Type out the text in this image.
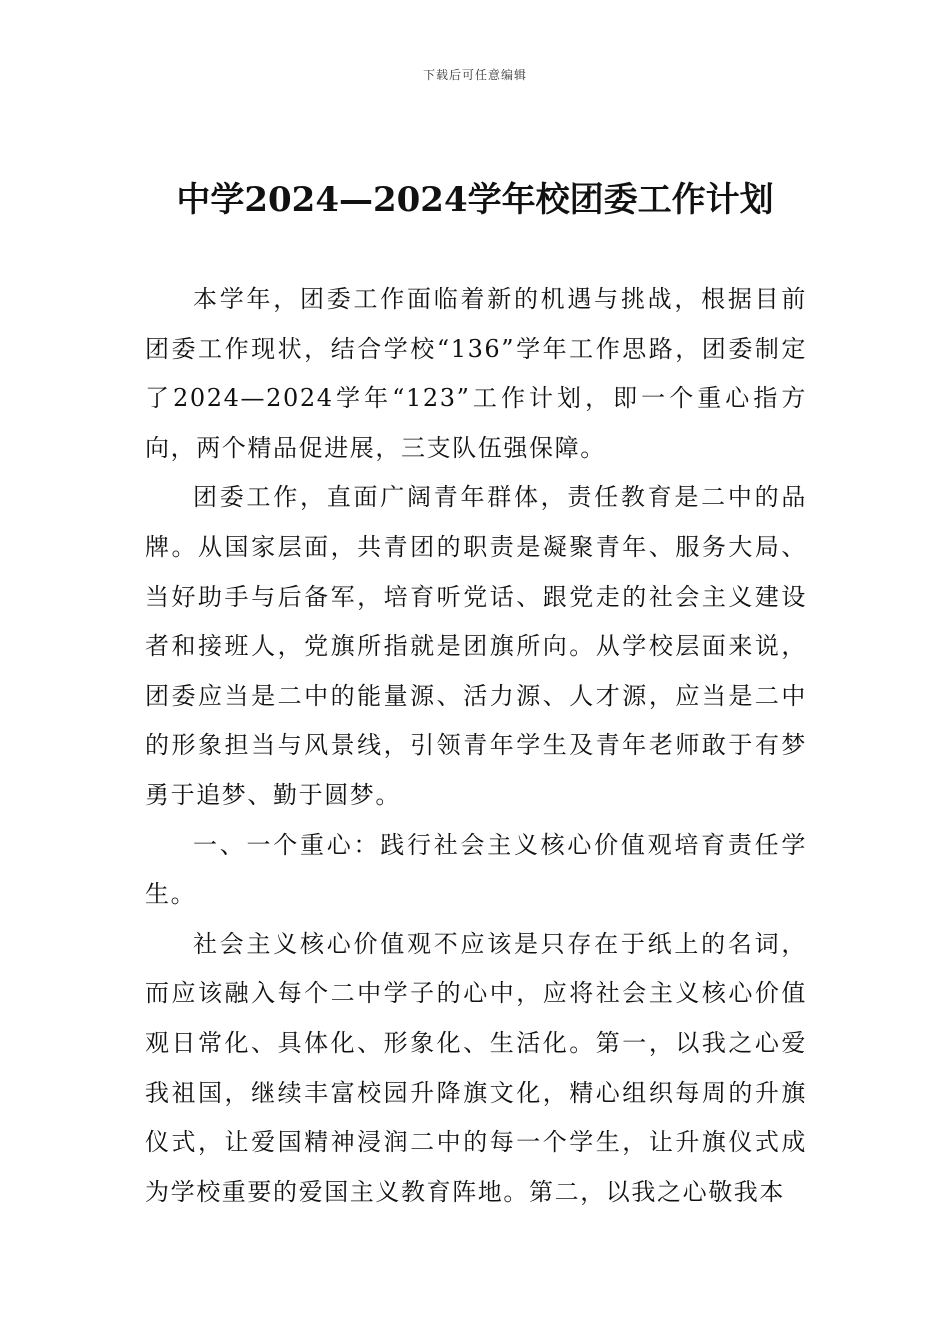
下载后可任意编辑
中学2024—2024学年校团委工作计划

本学年，团委工作面临着新的机遇与挑战，根据目前团委工作现状，结合学校“136”学年工作思路，团委制定了2024—2024学年“123”工作计划，即一个重心指方向，两个精品促进展，三支队伍强保障。

团委工作，直面广阔青年群体，责任教育是二中的品牌。从国家层面，共青团的职责是凝聚青年、服务大局、当好助手与后备军，培育听党话、跟党走的社会主义建设者和接班人，党旗所指就是团旗所向。从学校层面来说，团委应当是二中的能量源、活力源、人才源，应当是二中的形象担当与风景线，引领青年学生及青年老师敢于有梦勇于追梦、勤于圆梦。

一、一个重心：践行社会主义核心价值观培育责任学生。

社会主义核心价值观不应该是只存在于纸上的名词，而应该融入每个二中学子的心中，应将社会主义核心价值观日常化、具体化、形象化、生活化。第一，以我之心爱我祖国，继续丰富校园升降旗文化，精心组织每周的升旗仪式，让爱国精神浸润二中的每一个学生，让升旗仪式成为学校重要的爱国主义教育阵地。第二，以我之心敬我本
